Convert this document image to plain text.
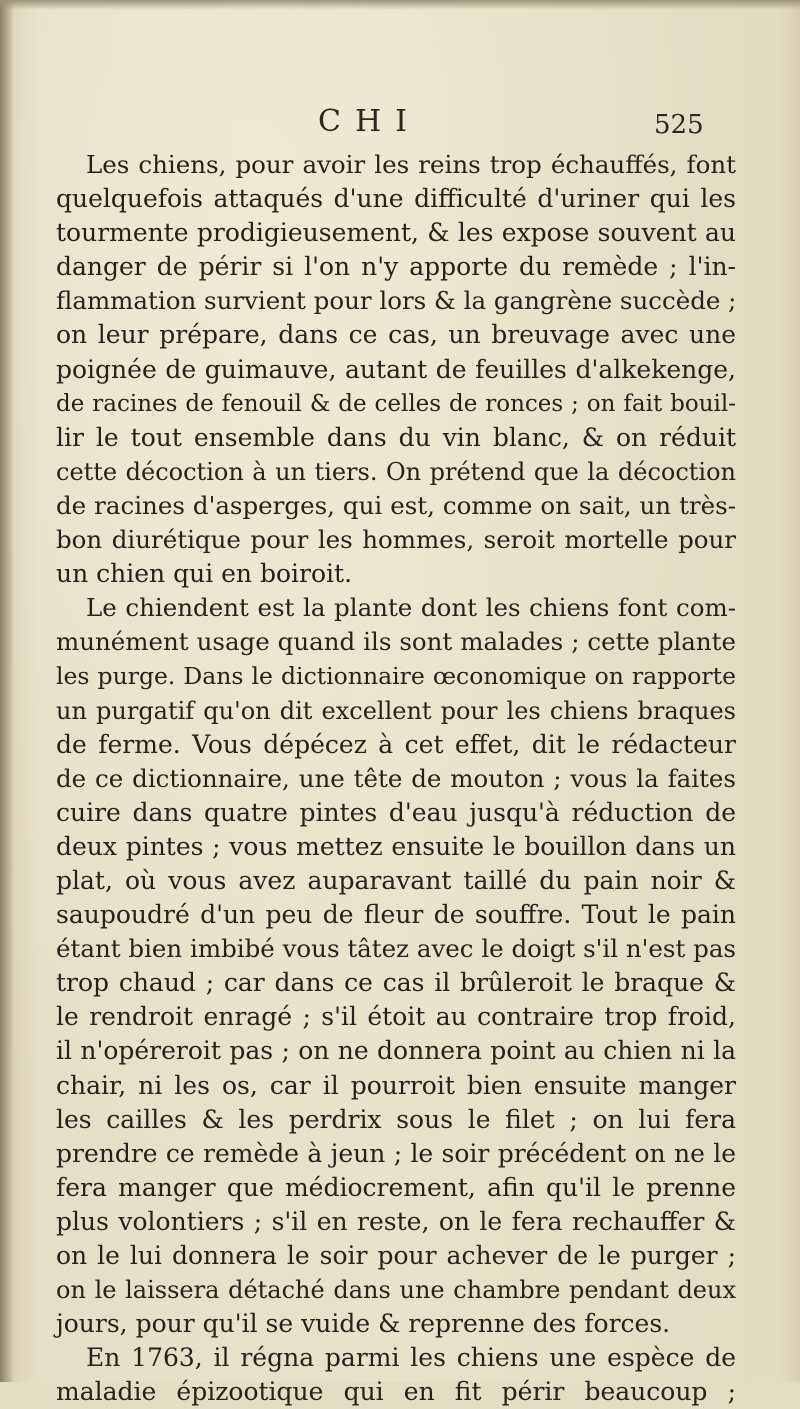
CHI	525
Les chiens, pour avoir les reins trop échauffés, font
quelquefois attaqués d'une difficulté d'uriner qui les
tourmente prodigieusement, & les expose souvent au
danger de périr si l'on n'y apporte du remède ; l'in-
flammation survient pour lors & la gangrène succède ;
on leur prépare, dans ce cas, un breuvage avec une
poignée de guimauve, autant de feuilles d'alkekenge,
de racines de fenouil & de celles de ronces ; on fait bouil-
lir le tout ensemble dans du vin blanc, & on réduit
cette décoction à un tiers. On prétend que la décoction
de racines d'asperges, qui est, comme on sait, un très-
bon diurétique pour les hommes, seroit mortelle pour
un chien qui en boiroit.
Le chiendent est la plante dont les chiens font com-
munément usage quand ils sont malades ; cette plante
les purge. Dans le dictionnaire œconomique on rapporte
un purgatif qu'on dit excellent pour les chiens braques
de ferme. Vous dépécez à cet effet, dit le rédacteur
de ce dictionnaire, une tête de mouton ; vous la faites
cuire dans quatre pintes d'eau jusqu'à réduction de
deux pintes ; vous mettez ensuite le bouillon dans un
plat, où vous avez auparavant taillé du pain noir &
saupoudré d'un peu de fleur de souffre. Tout le pain
étant bien imbibé vous tâtez avec le doigt s'il n'est pas
trop chaud ; car dans ce cas il brûleroit le braque &
le rendroit enragé ; s'il étoit au contraire trop froid,
il n'opéreroit pas ; on ne donnera point au chien ni la
chair, ni les os, car il pourroit bien ensuite manger
les cailles & les perdrix sous le filet ; on lui fera
prendre ce remède à jeun ; le soir précédent on ne le
fera manger que médiocrement, afin qu'il le prenne
plus volontiers ; s'il en reste, on le fera rechauffer &
on le lui donnera le soir pour achever de le purger ;
on le laissera détaché dans une chambre pendant deux
jours, pour qu'il se vuide & reprenne des forces.
En 1763, il régna parmi les chiens une espèce de
maladie épizootique qui en fit périr beaucoup ;
